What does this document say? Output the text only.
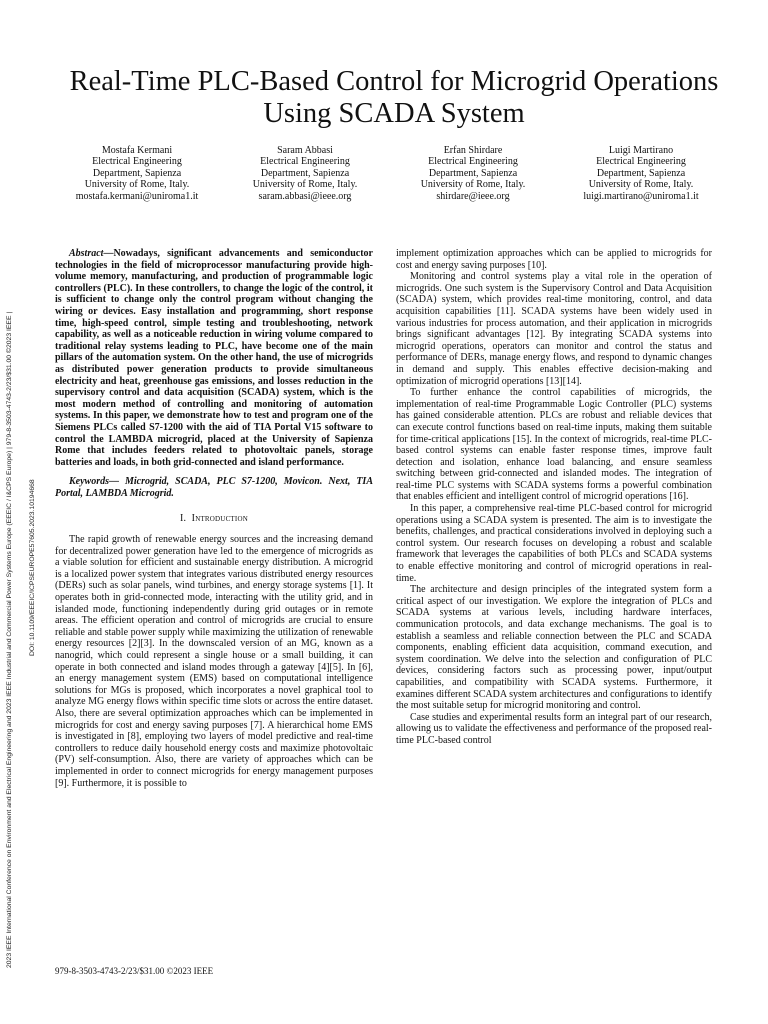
2023 IEEE International Conference on Environment and Electrical Engineering and 2023 IEEE Industrial and Commercial Power Systems Europe (EEEIC / I&CPS Europe) | 979-8-3503-4743-2/23/$31.00 ©2023 IEEE | DOI: 10.1109/EEEIC/ICPSEUROPE57605.2023.10194668
Real-Time PLC-Based Control for Microgrid Operations Using SCADA System
Mostafa Kermani
Electrical Engineering
Department, Sapienza
University of Rome, Italy.
mostafa.kermani@uniroma1.it
Saram Abbasi
Electrical Engineering
Department, Sapienza
University of Rome, Italy.
saram.abbasi@ieee.org
Erfan Shirdare
Electrical Engineering
Department, Sapienza
University of Rome, Italy.
shirdare@ieee.org
Luigi Martirano
Electrical Engineering
Department, Sapienza
University of Rome, Italy.
luigi.martirano@uniroma1.it

Abstract—Nowadays, significant advancements and semiconductor technologies in the field of microprocessor manufacturing provide high-volume memory, manufacturing, and production of programmable logic controllers (PLC). In these controllers, to change the logic of the control, it is sufficient to change only the control program without changing the wiring or devices. Easy installation and programming, short response time, high-speed control, simple testing and troubleshooting, network capability, as well as a noticeable reduction in wiring volume compared to traditional relay systems leading to PLC, have become one of the main pillars of the automation system. On the other hand, the use of microgrids as distributed power generation products to provide simultaneous electricity and heat, greenhouse gas emissions, and losses reduction in the supervisory control and data acquisition (SCADA) system, which is the most modern method of controlling and monitoring of automation systems. In this paper, we demonstrate how to test and program one of the Siemens PLCs called S7-1200 with the aid of TIA Portal V15 software to control the LAMBDA microgrid, placed at the University of Sapienza Rome that includes feeders related to photovoltaic panels, storage batteries and loads, in both grid-connected and island performance.

Keywords— Microgrid, SCADA, PLC S7-1200, Movicon. Next, TIA Portal, LAMBDA Microgrid.

I. Introduction

The rapid growth of renewable energy sources and the increasing demand for decentralized power generation have led to the emergence of microgrids as a viable solution for efficient and sustainable energy distribution. A microgrid is a localized power system that integrates various distributed energy resources (DERs) such as solar panels, wind turbines, and energy storage systems [1]. It operates both in grid-connected mode, interacting with the utility grid, and in islanded mode, functioning independently during grid outages or in remote areas. The efficient operation and control of microgrids are crucial to ensure reliable and stable power supply while maximizing the utilization of renewable energy resources [2][3]. In the downscaled version of an MG, known as a nanogrid, which could represent a single house or a small building, it can operate in both connected and island modes through a gateway [4][5]. In [6], an energy management system (EMS) based on computational intelligence solutions for MGs is proposed, which incorporates a novel graphical tool to analyze MG energy flows within specific time slots or across the entire dataset. Also, there are several optimization approaches which can be implemented in microgrids for cost and energy saving purposes [7]. A hierarchical home EMS is investigated in [8], employing two layers of model predictive and real-time controllers to reduce daily household energy costs and maximize photovoltaic (PV) self-consumption. Also, there are variety of approaches which can be implemented in order to connect microgrids for energy management purposes [9]. Furthermore, it is possible to

implement optimization approaches which can be applied to microgrids for cost and energy saving purposes [10].

Monitoring and control systems play a vital role in the operation of microgrids. One such system is the Supervisory Control and Data Acquisition (SCADA) system, which provides real-time monitoring, control, and data acquisition capabilities [11]. SCADA systems have been widely used in various industries for process automation, and their application in microgrids brings significant advantages [12]. By integrating SCADA systems into microgrid operations, operators can monitor and control the status and performance of DERs, manage energy flows, and respond to dynamic changes in demand and supply. This enables effective decision-making and optimization of microgrid operations [13][14].

To further enhance the control capabilities of microgrids, the implementation of real-time Programmable Logic Controller (PLC) systems has gained considerable attention. PLCs are robust and reliable devices that can execute control functions based on real-time inputs, making them suitable for time-critical applications [15]. In the context of microgrids, real-time PLC-based control systems can enable faster response times, improve fault detection and isolation, enhance load balancing, and ensure seamless switching between grid-connected and islanded modes. The integration of real-time PLC systems with SCADA systems forms a powerful combination that enables efficient and intelligent control of microgrid operations [16].

In this paper, a comprehensive real-time PLC-based control for microgrid operations using a SCADA system is presented. The aim is to investigate the benefits, challenges, and practical considerations involved in deploying such a control system. Our research focuses on developing a robust and scalable framework that leverages the capabilities of both PLCs and SCADA systems to enable effective monitoring and control of microgrid operations in real-time.

The architecture and design principles of the integrated system form a critical aspect of our investigation. We explore the integration of PLCs and SCADA systems at various levels, including hardware interfaces, communication protocols, and data exchange mechanisms. The goal is to establish a seamless and reliable connection between the PLC and SCADA components, enabling efficient data acquisition, command execution, and system coordination. We delve into the selection and configuration of PLC devices, considering factors such as processing power, input/output capabilities, and compatibility with SCADA systems. Furthermore, it examines different SCADA system architectures and configurations to identify the most suitable setup for microgrid monitoring and control.

Case studies and experimental results form an integral part of our research, allowing us to validate the effectiveness and performance of the proposed real-time PLC-based control

979-8-3503-4743-2/23/$31.00 ©2023 IEEE
